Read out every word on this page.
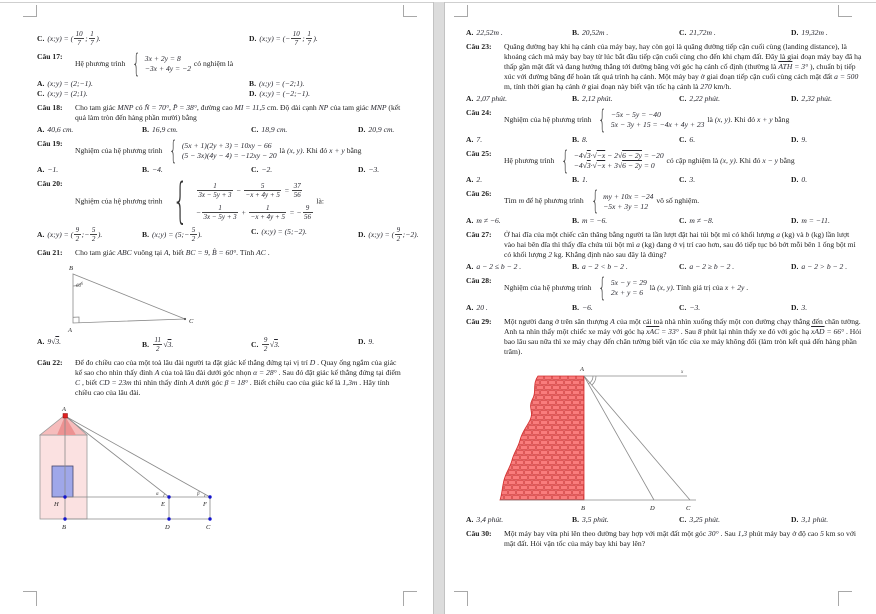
C. (x;y) = ( $\frac{10}{7}$ ; $\frac{1}{7}$ ).	D. (x;y) = (− $\frac{10}{7}$ ; $\frac{1}{7}$ ).
Câu 17:
Hệ phương trình { 3x + 2y = 8
−3x + 4y = −2
có nghiệm là
A. (x;y) = (2;−1).	B. (x;y) = (−2;1).
C. (x;y) = (2;1).	D. (x;y) = (−2;−1).
Câu 18:	Cho tam giác MNP có N̂ = 70°, P̂ = 38°, đường cao MI = 11,5 cm. Độ dài cạnh NP của tam giác MNP (kết quả làm tròn đến hàng phần mười) bằng
A. 40,6 cm.	B. 16,9 cm.	C. 18,9 cm.	D. 20,9 cm.
Câu 19:
Nghiệm của hệ phương trình { (5x + 1)(2y + 3) = 10xy − 66
(5 − 3x)(4y − 4) = −12xy − 20
là (x, y). Khi đó x + y bằng
A. −1.	B. −4.	C. −2.	D. −3.
Câu 20:
Nghiệm của hệ phương trình { $\frac{1}{3x - 5y + 3} - \frac{5}{-x + 4y + 5} = \frac{37}{56}$
− $\frac{1}{3x - 5y + 3} + \frac{1}{-x + 4y + 5}$ = − $\frac{9}{56}$
là:
A. (x;y) = ( $\frac{9}{2}$ ;− $\frac{5}{2}$ ).	B. (x;y) = (5;− $\frac{5}{2}$ ).	C. (x;y) = (5;−2).	D. (x;y) = ( $\frac{9}{2}$ ;−2).
Câu 21:	Cho tam giác ABC vuông tại A, biết BC = 9, B̂ = 60°. Tính AC .
B
A
C
60°
A. 9√3.	B. $\frac{11}{2} √3$.	C. $\frac{9}{2} √3$.	D. 9.
Câu 22:	Để đo chiều cao của một toà lâu đài người ta đặt giác kế thẳng đứng tại vị trí D . Quay ống ngắm của giác kế sao cho nhìn thấy đỉnh A của toà lâu đài dưới góc nhọn α = 28° . Sau đó đặt giác kế thẳng đứng tại điểm C , biết CD = 23m thì nhìn thấy đỉnh A dưới góc β = 18° . Biết chiều cao của giác kế là 1,3m . Hãy tính chiều cao của lâu đài.
A
H
B
E	F
D	C
α	β
A. 22,52m .	B. 20,52m .	C. 21,72m .	D. 19,32m .
Câu 23:	Quãng đường bay khi hạ cánh của máy bay, hay còn gọi là quãng đường tiếp cận cuối cùng (landing distance), là khoảng cách mà máy bay bay từ lúc bắt đầu tiếp cận cuối cùng cho đến khi chạm đất. Đây là giai đoạn máy bay đã hạ thấp gần mặt đất và đang hướng thẳng tới đường băng với góc hạ cánh cố định (thường là $\overline{ATH} = 3^\circ$ ), chuẩn bị tiếp xúc với đường băng để hoàn tất quá trình hạ cánh. Một máy bay ở giai đoạn tiếp cận cuối cùng cách mặt đất a = 500 m, tính thời gian hạ cánh ở giai đoạn này biết vận tốc hạ cánh là 270 km/h.
A. 2,07 phút.	B. 2,12 phút.	C. 2,22 phút.	D. 2,32 phút.
Câu 24:
Nghiệm của hệ phương trình { −5x − 5y = −40
5x − 3y + 15 = −4x + 4y + 23
là (x, y). Khi đó x + y bằng
A. 7.	B. 8.	C. 6.	D. 9.
Câu 25:
Hệ phương trình { −4√3·√−x − 2√6 − 2y = −20
−4√3·√−x + 3√6 − 2y = 0
có cặp nghiệm là (x, y). Khi đó x − y bằng
A. 2.	B. 1.	C. 3.	D. 0.
Câu 26:
Tìm m để hệ phương trình { my + 10x = −24
−5x + 3y = 12
vô số nghiệm.
A. m ≠ −6.	B. m = −6.	C. m ≠ −8.	D. m = −11.
Câu 27:	Ở hai đĩa của một chiếc cân thăng bằng người ta lần lượt đặt hai túi bột mì có khối lượng a (kg) và b (kg) lần lượt vào hai bên đĩa thì thấy đĩa chứa túi bột mì a (kg) đang ở vị trí cao hơn, sau đó tiếp tục bỏ bớt mỗi bên 1 ống bột mì có khối lượng 2 kg. Khẳng định nào sau đây là đúng?
A. a − 2 ≤ b − 2 .	B. a − 2 < b − 2 .	C. a − 2 ≥ b − 2 .	D. a − 2 > b − 2 .
Câu 28:
Nghiệm của hệ phương trình { 5x − y = 29
2x + y = 6
là (x, y). Tính giá trị của x + 2y .
A. 20 .	B. −6.	C. −3.	D. 3.
Câu 29:	Một người đang ở trên sân thượng A của một cái toà nhà nhìn xuống thấy một con đường chạy thẳng đến chân tường. Anh ta nhìn thấy một chiếc xe máy với góc hạ $\overline{xAC} = 33^\circ$ . Sau 8 phút lại nhìn thấy xe đó với góc hạ $\overline{xAD} = 66^\circ$ . Hỏi bao lâu sau nữa thì xe máy chạy đến chân tường biết vận tốc của xe máy không đổi (làm tròn kết quả đến hàng phần trăm).
A	x
B	D	C
A. 3,4 phút.	B. 3,5 phút.	C. 3,25 phút.	D. 3,1 phút.
Câu 30:	Một máy bay vừa phi lên theo đường bay hợp với mặt đất một góc 30° . Sau 1,3 phút máy bay ở độ cao 5 km so với mặt đất. Hỏi vận tốc của máy bay khi bay lên?
